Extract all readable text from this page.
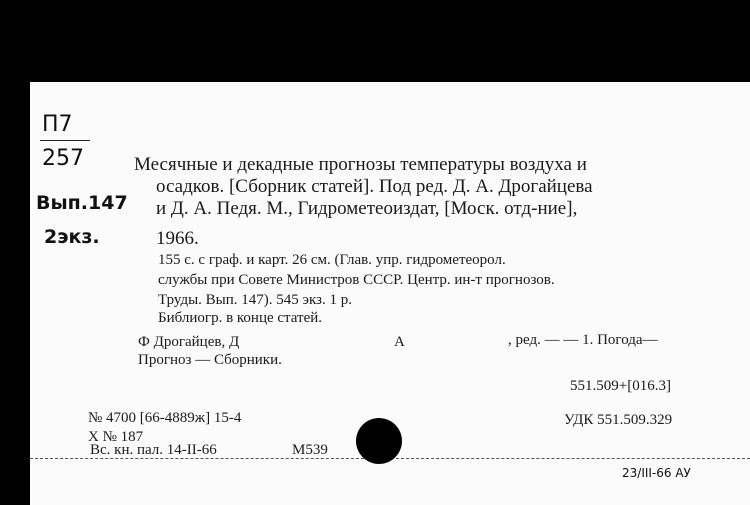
П7
257
Вып.147
2экз.
Месячные и декадные прогнозы температуры воздуха и
осадков. [Сборник статей]. Под ред. Д. А. Дрогайцева
и Д. А. Педя. М., Гидрометеоиздат, [Моск. отд-ние],
1966.
155 с. с граф. и карт. 26 см. (Глав. упр. гидрометеорол.
службы при Совете Министров СССР. Центр. ин-т прогнозов.
Труды. Вып. 147). 545 экз. 1 р.
Библиогр. в конце статей.
Ф Дрогайцев, Д	А	, ред. — — 1. Погода—
Прогноз — Сборники.
551.509+[016.3]
№ 4700 [66-4889ж] 15-4	УДК 551.509.329
X № 187
Вс. кн. пал. 14-II-66	М539
23/III-66 АУ
